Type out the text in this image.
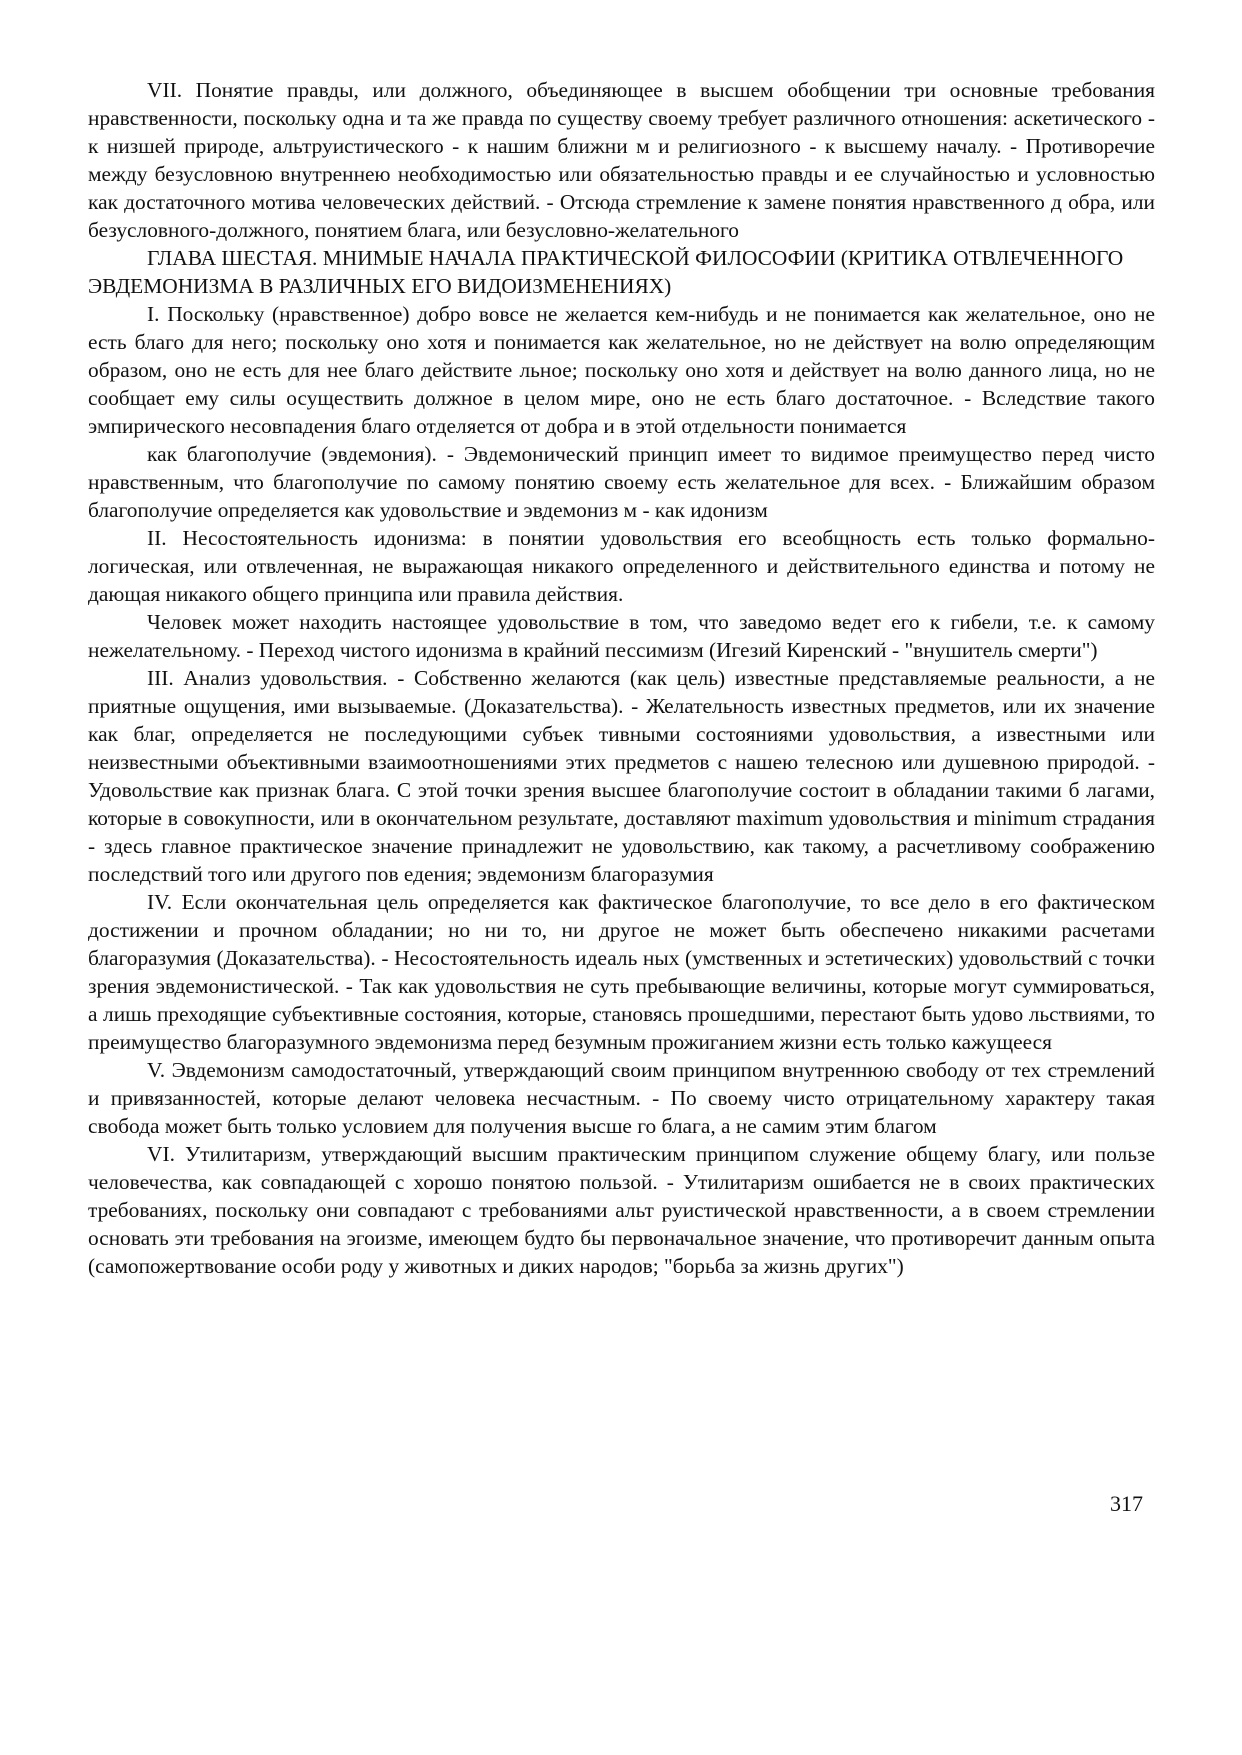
VII. Понятие правды, или должного, объединяющее в высшем обобщении три основные требования нравственности, поскольку одна и та же правда по существу своему требует различного отношения: аскетического - к низшей природе, альтруистического - к нашим ближни м и религиозного - к высшему началу. - Противоречие между безусловною внутреннею необходимостью или обязательностью правды и ее случайностью и условностью как достаточного мотива человеческих действий. - Отсюда стремление к замене понятия нравственного д обра, или безусловного-должного, понятием блага, или безусловно-желательного

ГЛАВА ШЕСТАЯ. МНИМЫЕ НАЧАЛА ПРАКТИЧЕСКОЙ ФИЛОСОФИИ (КРИТИКА ОТВЛЕЧЕННОГО ЭВДЕМОНИЗМА В РАЗЛИЧНЫХ ЕГО ВИДОИЗМЕНЕНИЯХ)

I. Поскольку (нравственное) добро вовсе не желается кем-нибудь и не понимается как желательное, оно не есть благо для него; поскольку оно хотя и понимается как желательное, но не действует на волю определяющим образом, оно не есть для нее благо действите льное; поскольку оно хотя и действует на волю данного лица, но не сообщает ему силы осуществить должное в целом мире, оно не есть благо достаточное. - Вследствие такого эмпирического несовпадения благо отделяется от добра и в этой отдельности понимается

как благополучие (эвдемония). - Эвдемонический принцип имеет то видимое преимущество перед чисто нравственным, что благополучие по самому понятию своему есть желательное для всех. - Ближайшим образом благополучие определяется как удовольствие и эвдемониз м - как идонизм

II. Несостоятельность идонизма: в понятии удовольствия его всеобщность есть только формально-логическая, или отвлеченная, не выражающая никакого определенного и действительного единства и потому не дающая никакого общего принципа или правила действия.

Человек может находить настоящее удовольствие в том, что заведомо ведет его к гибели, т.е. к самому нежелательному. - Переход чистого идонизма в крайний пессимизм (Игезий Киренский - "внушитель смерти")

III. Анализ удовольствия. - Собственно желаются (как цель) известные представляемые реальности, а не приятные ощущения, ими вызываемые. (Доказательства). - Желательность известных предметов, или их значение как благ, определяется не последующими субъек тивными состояниями удовольствия, а известными или неизвестными объективными взаимоотношениями этих предметов с нашею телесною или душевною природой. - Удовольствие как признак блага. С этой точки зрения высшее благополучие состоит в обладании такими б лагами, которые в совокупности, или в окончательном результате, доставляют maximum удовольствия и minimum страдания - здесь главное практическое значение принадлежит не удовольствию, как такому, а расчетливому соображению последствий того или другого пов едения; эвдемонизм благоразумия

IV. Если окончательная цель определяется как фактическое благополучие, то все дело в его фактическом достижении и прочном обладании; но ни то, ни другое не может быть обеспечено никакими расчетами благоразумия (Доказательства). - Несостоятельность идеаль ных (умственных и эстетических) удовольствий с точки зрения эвдемонистической. - Так как удовольствия не суть пребывающие величины, которые могут суммироваться, а лишь преходящие субъективные состояния, которые, становясь прошедшими, перестают быть удово льствиями, то преимущество благоразумного эвдемонизма перед безумным прожиганием жизни есть только кажущееся

V. Эвдемонизм самодостаточный, утверждающий своим принципом внутреннюю свободу от тех стремлений и привязанностей, которые делают человека несчастным. - По своему чисто отрицательному характеру такая свобода может быть только условием для получения высше го блага, а не самим этим благом

VI. Утилитаризм, утверждающий высшим практическим принципом служение общему благу, или пользе человечества, как совпадающей с хорошо понятою пользой. - Утилитаризм ошибается не в своих практических требованиях, поскольку они совпадают с требованиями альт руистической нравственности, а в своем стремлении основать эти требования на эгоизме, имеющем будто бы первоначальное значение, что противоречит данным опыта (самопожертвование особи роду у животных и диких народов; "борьба за жизнь других")

317
